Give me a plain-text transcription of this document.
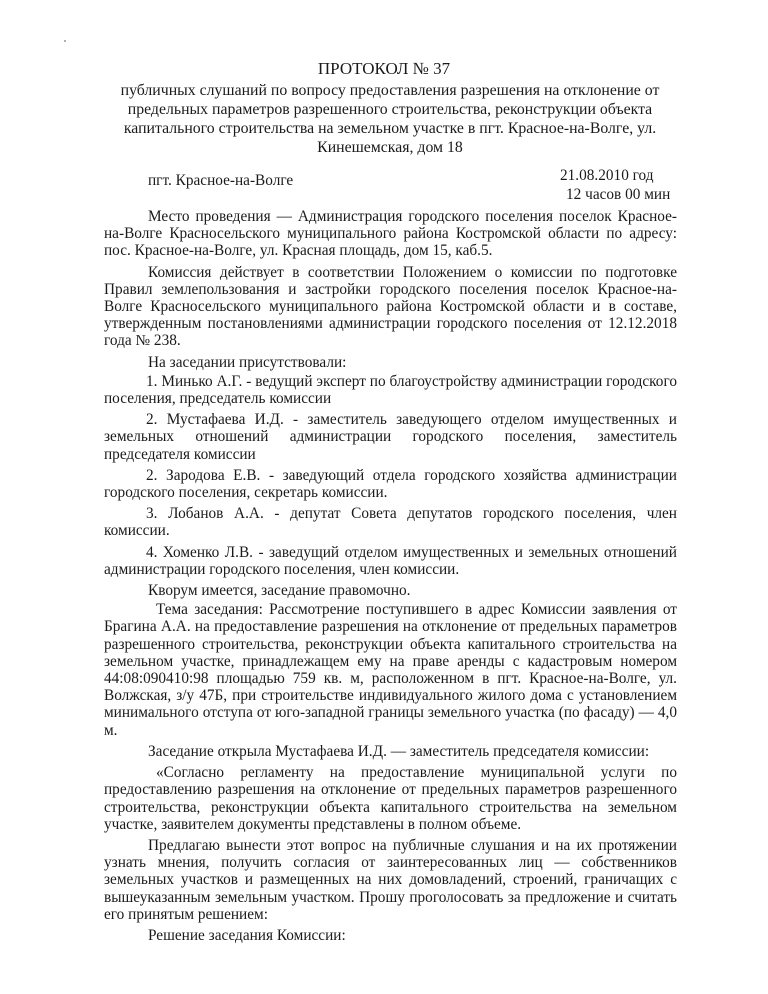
ПРОТОКОЛ № 37
публичных слушаний по вопросу предоставления разрешения на отклонение от предельных параметров разрешенного строительства, реконструкции объекта капитального строительства на земельном участке в пгт. Красное-на-Волге, ул. Кинешемская, дом 18
пгт. Красное-на-Волге	21.08.2010 год
12 часов 00 мин

Место проведения — Администрация городского поселения поселок Красное-на-Волге Красносельского муниципального района Костромской области по адресу: пос. Красное-на-Волге, ул. Красная площадь, дом 15, каб.5.

Комиссия действует в соответствии Положением о комиссии по подготовке Правил землепользования и застройки городского поселения поселок Красное-на-Волге Красносельского муниципального района Костромской области и в составе, утвержденным постановлениями администрации городского поселения от 12.12.2018 года № 238.

На заседании присутствовали:

1. Минько А.Г. - ведущий эксперт по благоустройству администрации городского поселения, председатель комиссии

2. Мустафаева И.Д. - заместитель заведующего отделом имущественных и земельных отношений администрации городского поселения, заместитель председателя комиссии

2. Зародова Е.В. - заведующий отдела городского хозяйства администрации городского поселения, секретарь комиссии.

3. Лобанов А.А. - депутат Совета депутатов городского поселения, член комиссии.

4. Хоменко Л.В. - заведущий отделом имущественных и земельных отношений администрации городского поселения, член комиссии.

Кворум имеется, заседание правомочно.

Тема заседания: Рассмотрение поступившего в адрес Комиссии заявления от Брагина А.А. на предоставление разрешения на отклонение от предельных параметров разрешенного строительства, реконструкции объекта капитального строительства на земельном участке, принадлежащем ему на праве аренды с кадастровым номером 44:08:090410:98 площадью 759 кв. м, расположенном в пгт. Красное-на-Волге, ул. Волжская, з/у 47Б, при строительстве индивидуального жилого дома с установлением минимального отступа от юго-западной границы земельного участка (по фасаду) — 4,0 м.

Заседание открыла Мустафаева И.Д. — заместитель председателя комиссии:

«Согласно регламенту на предоставление муниципальной услуги по предоставлению разрешения на отклонение от предельных параметров разрешенного строительства, реконструкции объекта капитального строительства на земельном участке, заявителем документы представлены в полном объеме.

Предлагаю вынести этот вопрос на публичные слушания и на их протяжении узнать мнения, получить согласия от заинтересованных лиц — собственников земельных участков и размещенных на них домовладений, строений, граничащих с вышеуказанным земельным участком. Прошу проголосовать за предложение и считать его принятым решением:

Решение заседания Комиссии:
